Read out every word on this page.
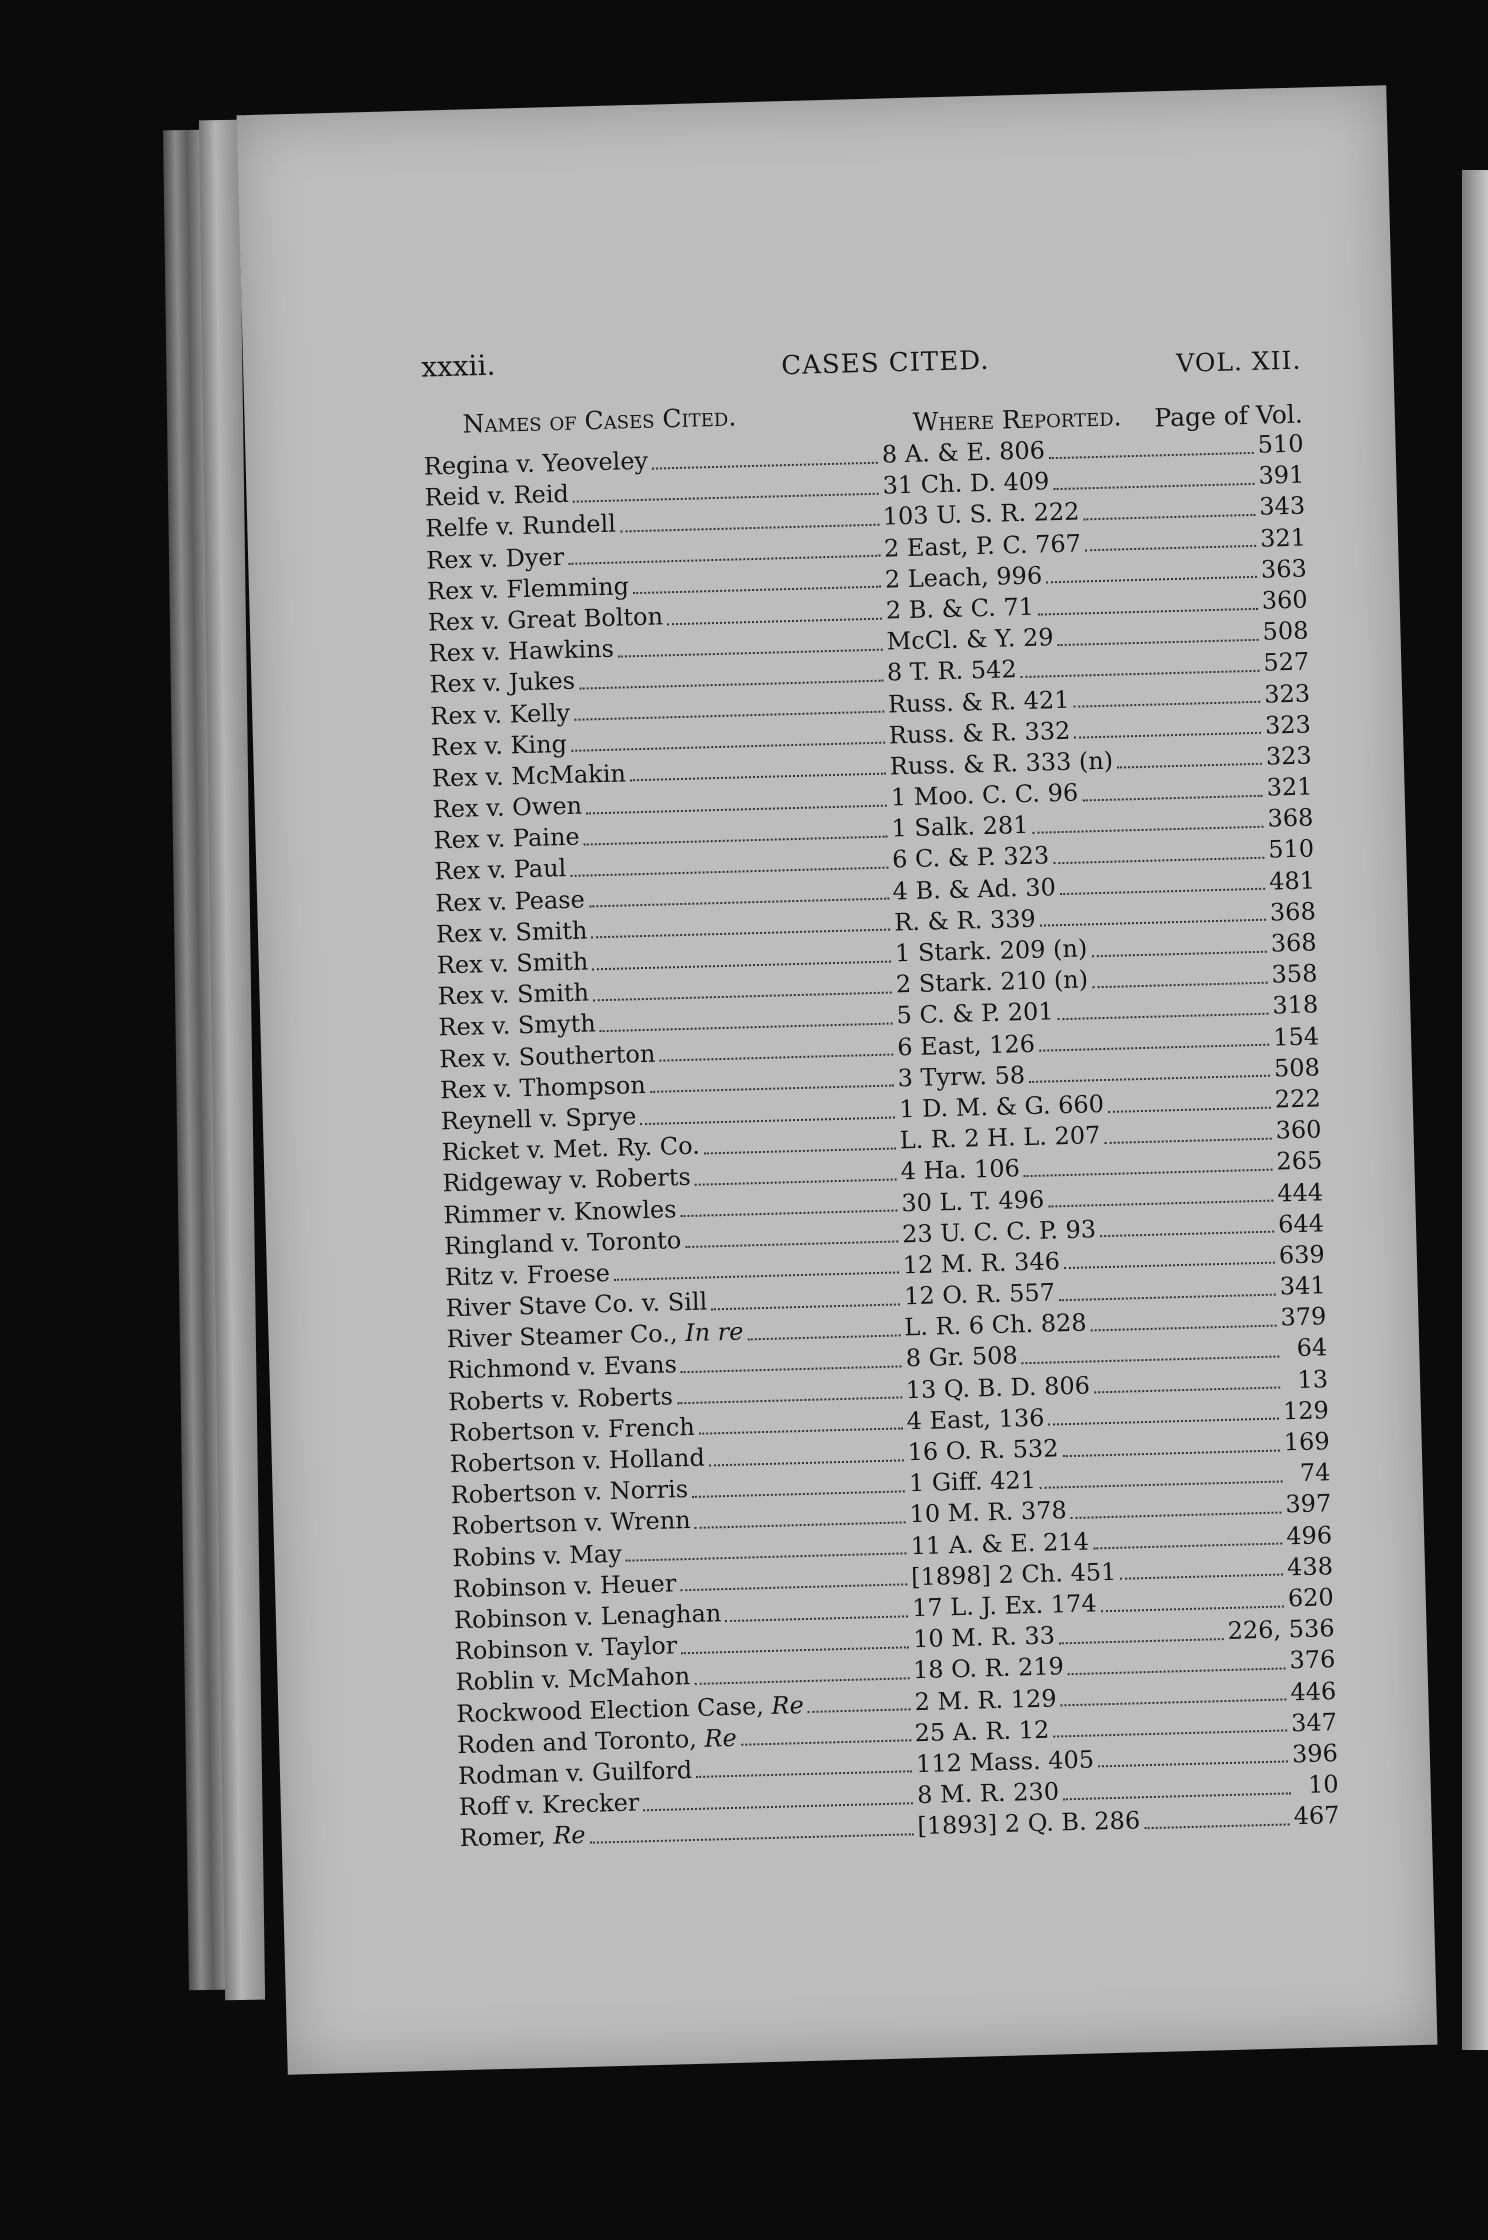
xxxii.	CASES CITED.	VOL. XII.
Names of Cases Cited.	Where Reported. Page of Vol.
Regina v. Yeoveley	8 A. & E. 806	510
Reid v. Reid	31 Ch. D. 409	391
Relfe v. Rundell	103 U. S. R. 222	343
Rex v. Dyer	2 East, P. C. 767	321
Rex v. Flemming	2 Leach, 996	363
Rex v. Great Bolton	2 B. & C. 71	360
Rex v. Hawkins	McCl. & Y. 29	508
Rex v. Jukes	8 T. R. 542	527
Rex v. Kelly	Russ. & R. 421	323
Rex v. King	Russ. & R. 332	323
Rex v. McMakin	Russ. & R. 333 (n)	323
Rex v. Owen	1 Moo. C. C. 96	321
Rex v. Paine	1 Salk. 281	368
Rex v. Paul	6 C. & P. 323	510
Rex v. Pease	4 B. & Ad. 30	481
Rex v. Smith	R. & R. 339	368
Rex v. Smith	1 Stark. 209 (n)	368
Rex v. Smith	2 Stark. 210 (n)	358
Rex v. Smyth	5 C. & P. 201	318
Rex v. Southerton	6 East, 126	154
Rex v. Thompson	3 Tyrw. 58	508
Reynell v. Sprye	1 D. M. & G. 660	222
Ricket v. Met. Ry. Co.	L. R. 2 H. L. 207	360
Ridgeway v. Roberts	4 Ha. 106	265
Rimmer v. Knowles	30 L. T. 496	444
Ringland v. Toronto	23 U. C. C. P. 93	644
Ritz v. Froese	12 M. R. 346	639
River Stave Co. v. Sill	12 O. R. 557	341
River Steamer Co., In re	L. R. 6 Ch. 828	379
Richmond v. Evans	8 Gr. 508	64
Roberts v. Roberts	13 Q. B. D. 806	13
Robertson v. French	4 East, 136	129
Robertson v. Holland	16 O. R. 532	169
Robertson v. Norris	1 Giff. 421	74
Robertson v. Wrenn	10 M. R. 378	397
Robins v. May	11 A. & E. 214	496
Robinson v. Heuer	[1898] 2 Ch. 451	438
Robinson v. Lenaghan	17 L. J. Ex. 174	620
Robinson v. Taylor	10 M. R. 33	226, 536
Roblin v. McMahon	18 O. R. 219	376
Rockwood Election Case, Re	2 M. R. 129	446
Roden and Toronto, Re	25 A. R. 12	347
Rodman v. Guilford	112 Mass. 405	396
Roff v. Krecker	8 M. R. 230	10
Romer, Re	[1893] 2 Q. B. 286	467
